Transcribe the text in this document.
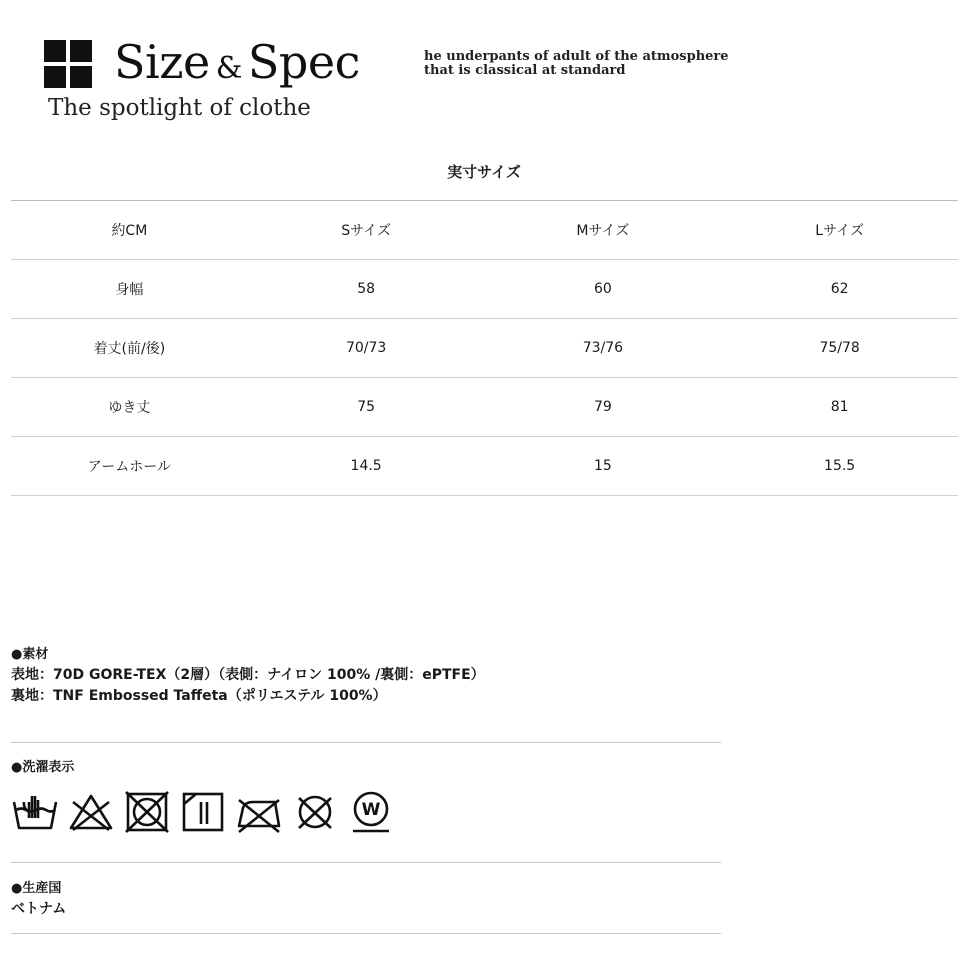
Size & Spec
The spotlight of clothe
he underpants of adult of the atmosphere
that is classical at standard
実寸サイズ
約CM	Sサイズ	Mサイズ	Lサイズ
身幅	58	60	62
着丈(前/後)	70/73	73/76	75/78
ゆき丈	75	79	81
アームホール	14.5	15	15.5
●素材
表地：70D GORE-TEX（2層）（表側：ナイロン 100% /裏側：ePTFE）
裏地：TNF Embossed Taffeta（ポリエステル 100%）
●洗濯表示
W
●生産国
ベトナム
